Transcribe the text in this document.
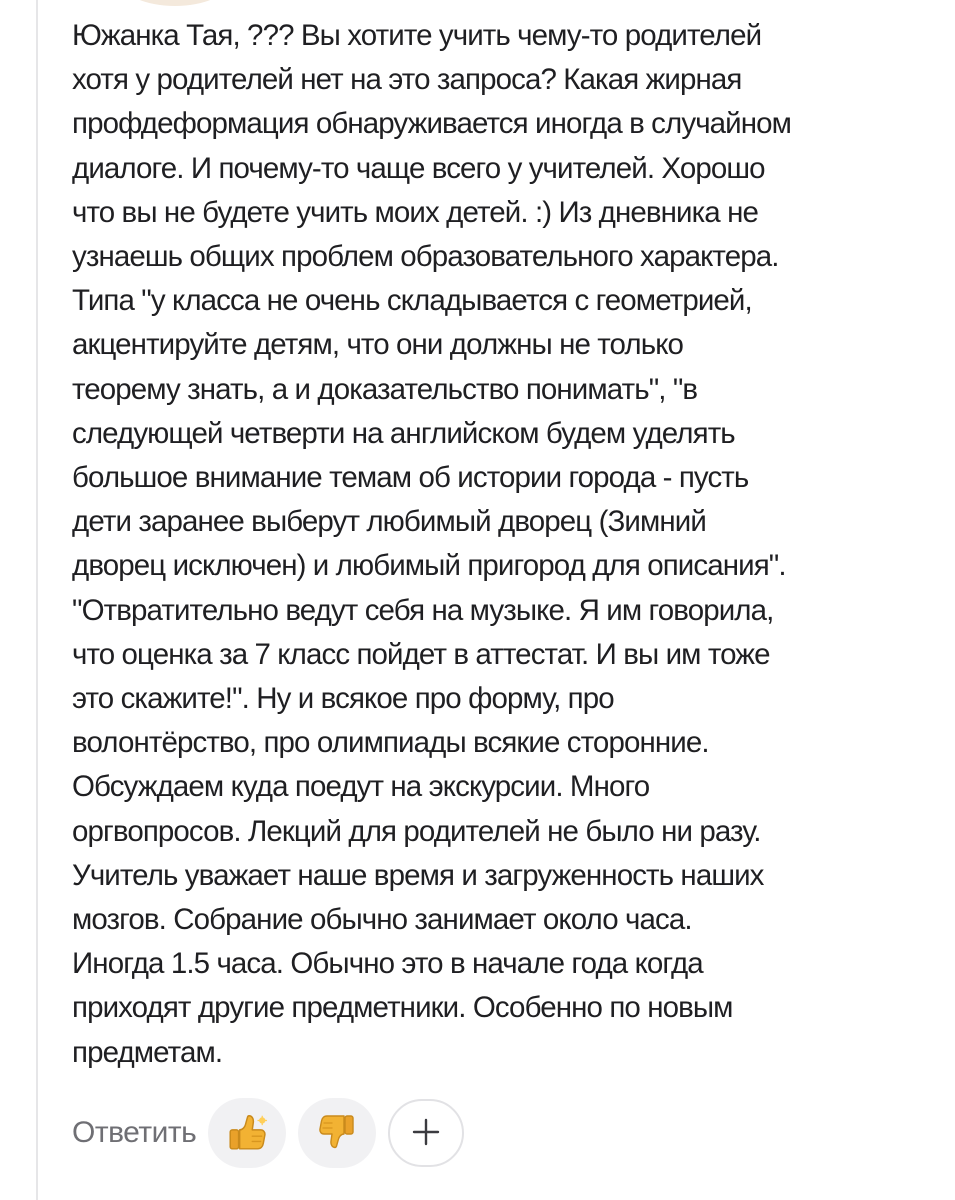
Южанка Тая, ??? Вы хотите учить чему-то родителей
хотя у родителей нет на это запроса? Какая жирная
профдеформация обнаруживается иногда в случайном
диалоге. И почему-то чаще всего у учителей. Хорошо
что вы не будете учить моих детей. :) Из дневника не
узнаешь общих проблем образовательного характера.
Типа "у класса не очень складывается с геометрией,
акцентируйте детям, что они должны не только
теорему знать, а и доказательство понимать", "в
следующей четверти на английском будем уделять
большое внимание темам об истории города - пусть
дети заранее выберут любимый дворец (Зимний
дворец исключен) и любимый пригород для описания".
"Отвратительно ведут себя на музыке. Я им говорила,
что оценка за 7 класс пойдет в аттестат. И вы им тоже
это скажите!". Ну и всякое про форму, про
волонтёрство, про олимпиады всякие сторонние.
Обсуждаем куда поедут на экскурсии. Много
оргвопросов. Лекций для родителей не было ни разу.
Учитель уважает наше время и загруженность наших
мозгов. Собрание обычно занимает около часа.
Иногда 1.5 часа. Обычно это в начале года когда
приходят другие предметники. Особенно по новым
предметам.

Ответить
